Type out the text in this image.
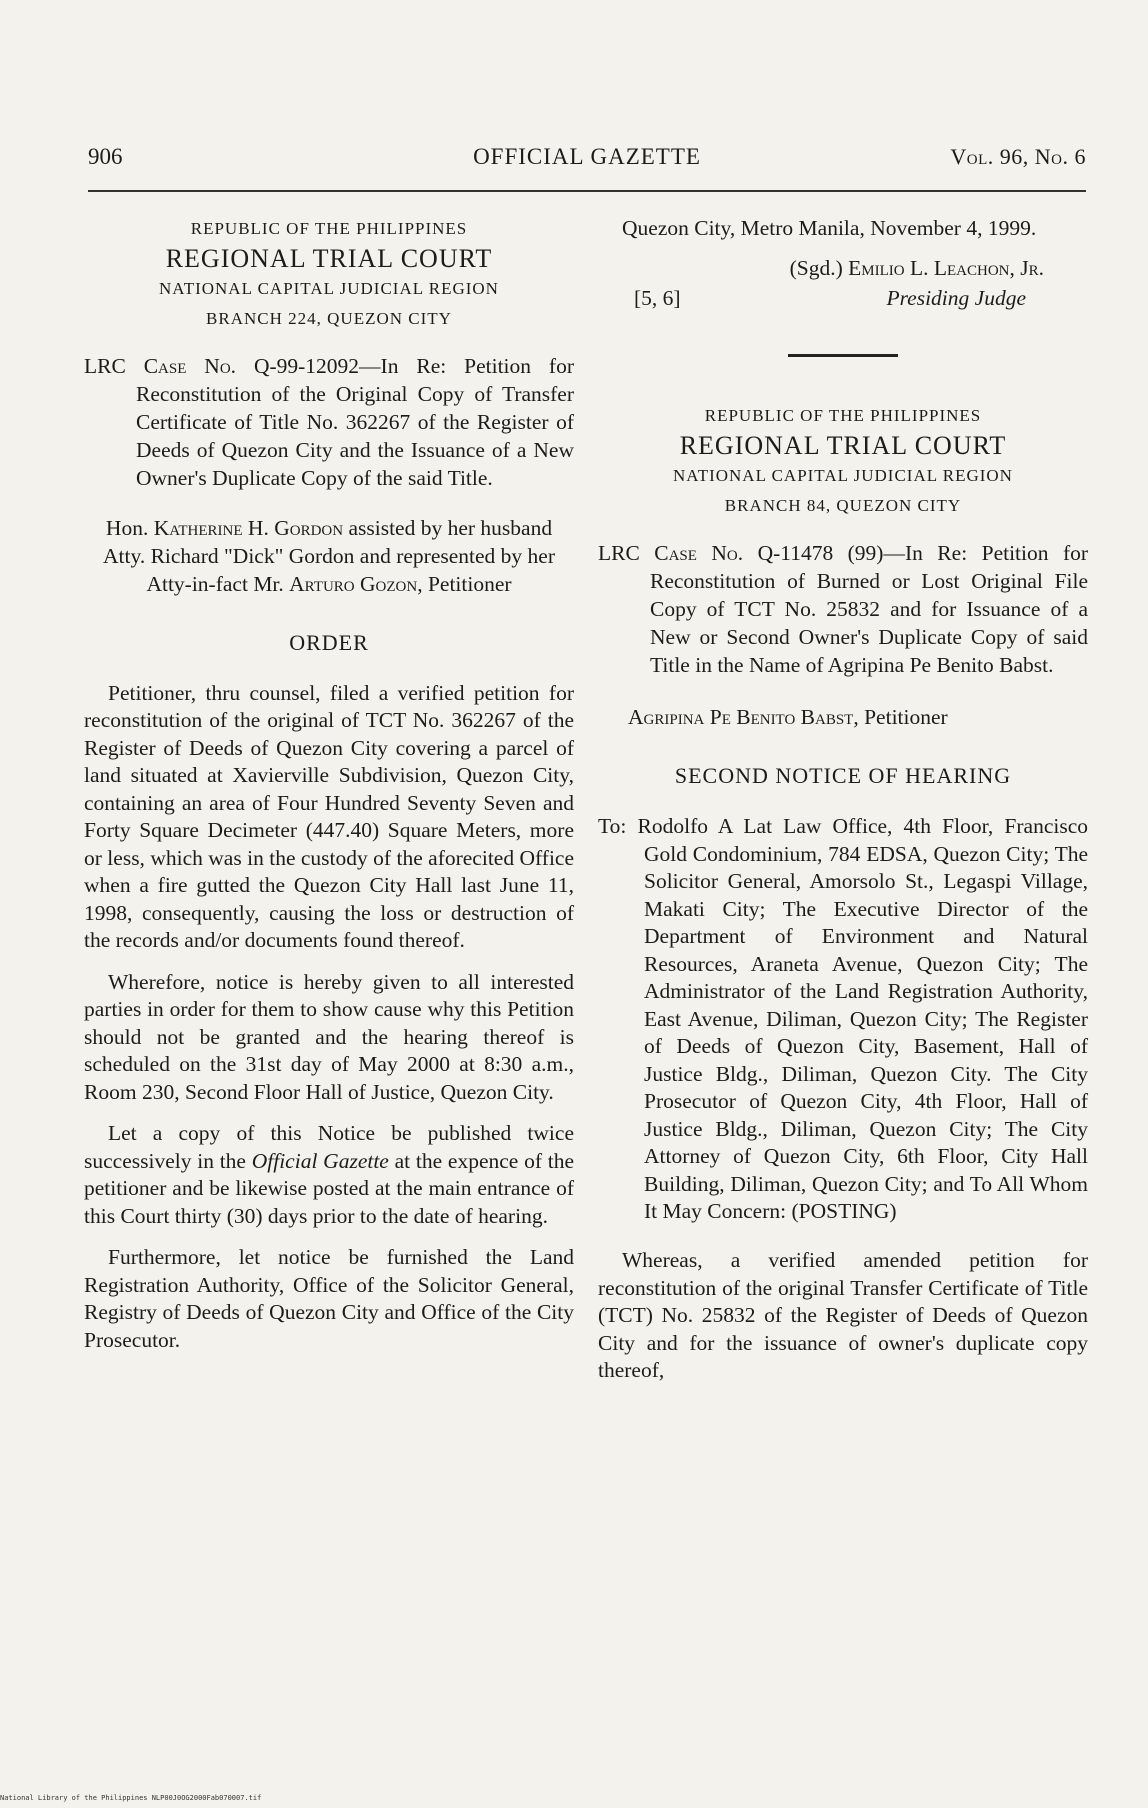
906	OFFICIAL GAZETTE	Vol. 96, No. 6
REPUBLIC OF THE PHILIPPINES
REGIONAL TRIAL COURT
NATIONAL CAPITAL JUDICIAL REGION
BRANCH 224, QUEZON CITY

LRC Case No. Q-99-12092—In Re: Petition for Reconstitution of the Original Copy of Transfer Certificate of Title No. 362267 of the Register of Deeds of Quezon City and the Issuance of a New Owner's Duplicate Copy of the said Title.

Hon. Katherine H. Gordon assisted by her husband Atty. Richard "Dick" Gordon and represented by her Atty-in-fact Mr. Arturo Gozon, Petitioner

ORDER

Petitioner, thru counsel, filed a verified petition for reconstitution of the original of TCT No. 362267 of the Register of Deeds of Quezon City covering a parcel of land situated at Xavierville Subdivision, Quezon City, containing an area of Four Hundred Seventy Seven and Forty Square Decimeter (447.40) Square Meters, more or less, which was in the custody of the aforecited Office when a fire gutted the Quezon City Hall last June 11, 1998, consequently, causing the loss or destruction of the records and/or documents found thereof.

Wherefore, notice is hereby given to all interested parties in order for them to show cause why this Petition should not be granted and the hearing thereof is scheduled on the 31st day of May 2000 at 8:30 a.m., Room 230, Second Floor Hall of Justice, Quezon City.

Let a copy of this Notice be published twice successively in the Official Gazette at the expence of the petitioner and be likewise posted at the main entrance of this Court thirty (30) days prior to the date of hearing.

Furthermore, let notice be furnished the Land Registration Authority, Office of the Solicitor General, Registry of Deeds of Quezon City and Office of the City Prosecutor.

Quezon City, Metro Manila, November 4, 1999.

(Sgd.) Emilio L. Leachon, Jr.
[5, 6]	Presiding Judge
REPUBLIC OF THE PHILIPPINES
REGIONAL TRIAL COURT
NATIONAL CAPITAL JUDICIAL REGION
BRANCH 84, QUEZON CITY

LRC Case No. Q-11478 (99)—In Re: Petition for Reconstitution of Burned or Lost Original File Copy of TCT No. 25832 and for Issuance of a New or Second Owner's Duplicate Copy of said Title in the Name of Agripina Pe Benito Babst.

Agripina Pe Benito Babst, Petitioner

SECOND NOTICE OF HEARING

To: Rodolfo A Lat Law Office, 4th Floor, Francisco Gold Condominium, 784 EDSA, Quezon City; The Solicitor General, Amorsolo St., Legaspi Village, Makati City; The Executive Director of the Department of Environment and Natural Resources, Araneta Avenue, Quezon City; The Administrator of the Land Registration Authority, East Avenue, Diliman, Quezon City; The Register of Deeds of Quezon City, Basement, Hall of Justice Bldg., Diliman, Quezon City. The City Prosecutor of Quezon City, 4th Floor, Hall of Justice Bldg., Diliman, Quezon City; The City Attorney of Quezon City, 6th Floor, City Hall Building, Diliman, Quezon City; and To All Whom It May Concern: (POSTING)

Whereas, a verified amended petition for reconstitution of the original Transfer Certificate of Title (TCT) No. 25832 of the Register of Deeds of Quezon City and for the issuance of owner's duplicate copy thereof,

National Library of the Philippines NLP00J0OG2000Fab070007.tif
